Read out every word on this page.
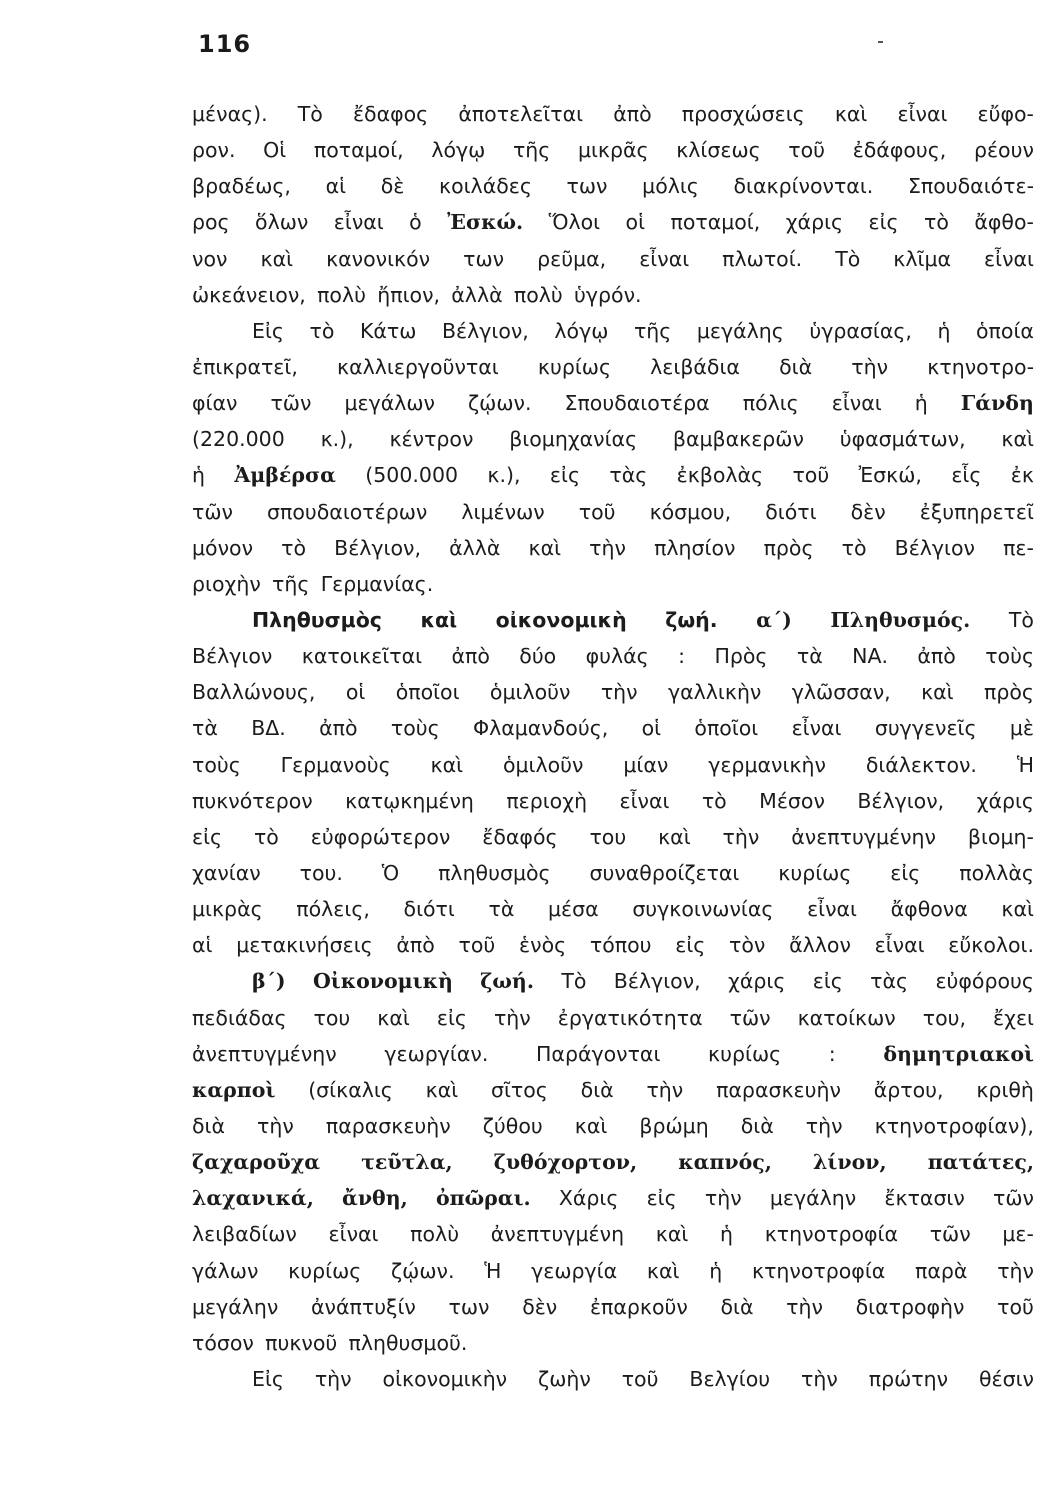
116
μένας). Τὸ ἔδαφος ἀποτελεῖται ἀπὸ προσχώσεις καὶ εἶναι εὔφο-
ρον. Οἱ ποταμοί, λόγῳ τῆς μικρᾶς κλίσεως τοῦ ἐδάφους, ρέουν
βραδέως, αἱ δὲ κοιλάδες των μόλις διακρίνονται. Σπουδαιότε-
ρος ὅλων εἶναι ὁ Ἐσκώ. Ὅλοι οἱ ποταμοί, χάρις εἰς τὸ ἄφθο-
νον καὶ κανονικόν των ρεῦμα, εἶναι πλωτοί. Τὸ κλῖμα εἶναι
ὠκεάνειον, πολὺ ἤπιον, ἀλλὰ πολὺ ὑγρόν.
Εἰς τὸ Κάτω Βέλγιον, λόγῳ τῆς μεγάλης ὑγρασίας, ἡ ὁποία
ἐπικρατεῖ, καλλιεργοῦνται κυρίως λειβάδια διὰ τὴν κτηνοτρο-
φίαν τῶν μεγάλων ζῴων. Σπουδαιοτέρα πόλις εἶναι ἡ Γάνδη
(220.000 κ.), κέντρον βιομηχανίας βαμβακερῶν ὑφασμάτων, καὶ
ἡ Ἀμβέρσα (500.000 κ.), εἰς τὰς ἐκβολὰς τοῦ Ἐσκώ, εἷς ἐκ
τῶν σπουδαιοτέρων λιμένων τοῦ κόσμου, διότι δὲν ἐξυπηρετεῖ
μόνον τὸ Βέλγιον, ἀλλὰ καὶ τὴν πλησίον πρὸς τὸ Βέλγιον πε-
ριοχὴν τῆς Γερμανίας.
Πληθυσμὸς καὶ οἰκονομικὴ ζωή. α΄) Πληθυσμός. Τὸ
Βέλγιον κατοικεῖται ἀπὸ δύο φυλάς : Πρὸς τὰ ΝΑ. ἀπὸ τοὺς
Βαλλώνους, οἱ ὁποῖοι ὁμιλοῦν τὴν γαλλικὴν γλῶσσαν, καὶ πρὸς
τὰ ΒΔ. ἀπὸ τοὺς Φλαμανδούς, οἱ ὁποῖοι εἶναι συγγενεῖς μὲ
τοὺς Γερμανοὺς καὶ ὁμιλοῦν μίαν γερμανικὴν διάλεκτον. Ἡ
πυκνότερον κατῳκημένη περιοχὴ εἶναι τὸ Μέσον Βέλγιον, χάρις
εἰς τὸ εὐφορώτερον ἔδαφός του καὶ τὴν ἀνεπτυγμένην βιομη-
χανίαν του. Ὁ πληθυσμὸς συναθροίζεται κυρίως εἰς πολλὰς
μικρὰς πόλεις, διότι τὰ μέσα συγκοινωνίας εἶναι ἄφθονα καὶ
αἱ μετακινήσεις ἀπὸ τοῦ ἑνὸς τόπου εἰς τὸν ἄλλον εἶναι εὔκολοι.
β΄) Οἰκονομικὴ ζωή. Τὸ Βέλγιον, χάρις εἰς τὰς εὐφόρους
πεδιάδας του καὶ εἰς τὴν ἐργατικότητα τῶν κατοίκων του, ἔχει
ἀνεπτυγμένην γεωργίαν. Παράγονται κυρίως : δημητριακοὶ
καρποὶ (σίκαλις καὶ σῖτος διὰ τὴν παρασκευὴν ἄρτου, κριθὴ
διὰ τὴν παρασκευὴν ζύθου καὶ βρώμη διὰ τὴν κτηνοτροφίαν),
ζαχαροῦχα τεῦτλα, ζυθόχορτον, καπνός, λίνον, πατάτες,
λαχανικά, ἄνθη, ὀπῶραι. Χάρις εἰς τὴν μεγάλην ἔκτασιν τῶν
λειβαδίων εἶναι πολὺ ἀνεπτυγμένη καὶ ἡ κτηνοτροφία τῶν με-
γάλων κυρίως ζῴων. Ἡ γεωργία καὶ ἡ κτηνοτροφία παρὰ τὴν
μεγάλην ἀνάπτυξίν των δὲν ἐπαρκοῦν διὰ τὴν διατροφὴν τοῦ
τόσον πυκνοῦ πληθυσμοῦ.
Εἰς τὴν οἰκονομικὴν ζωὴν τοῦ Βελγίου τὴν πρώτην θέσιν
